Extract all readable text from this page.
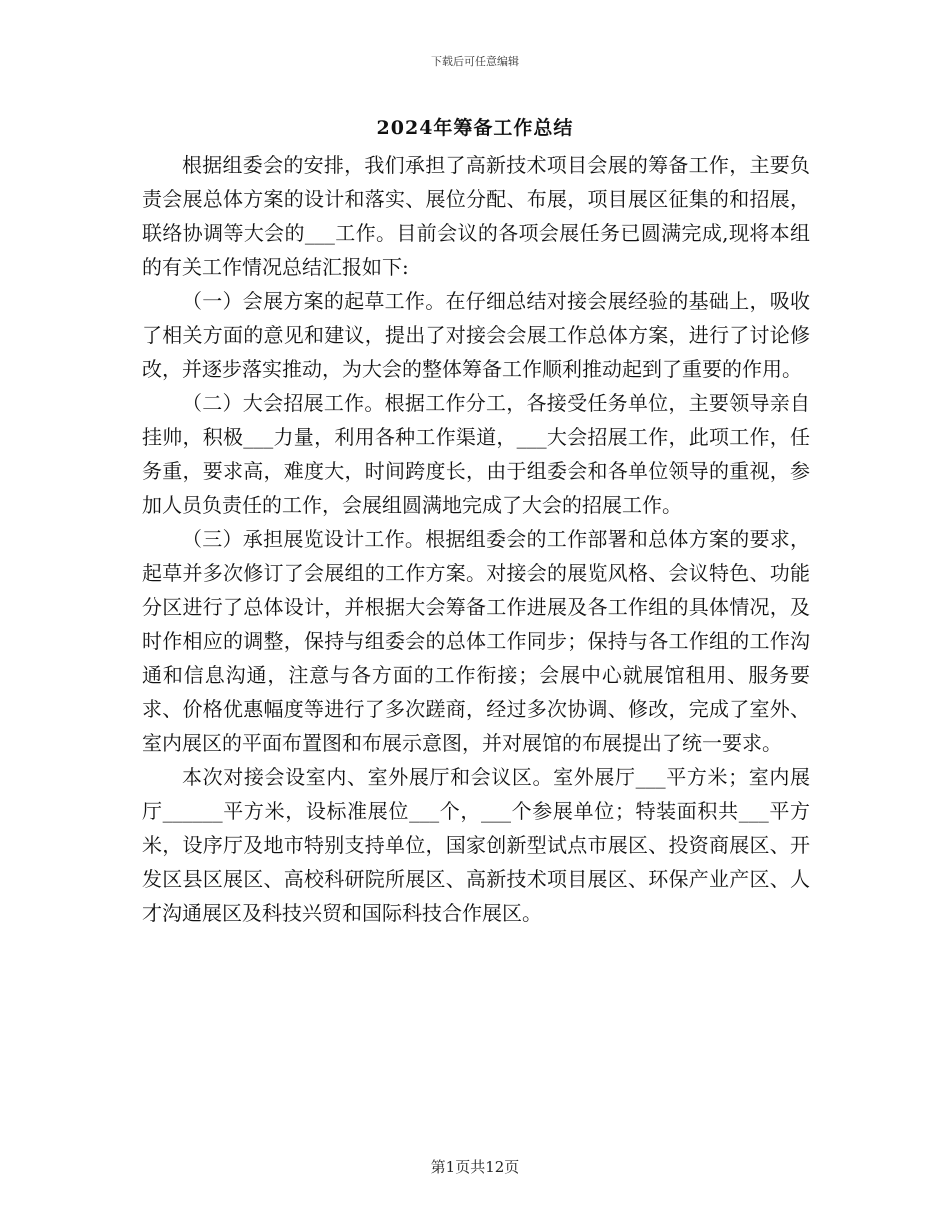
下载后可任意编辑
2024年筹备工作总结

根据组委会的安排，我们承担了高新技术项目会展的筹备工作，主要负责会展总体方案的设计和落实、展位分配、布展，项目展区征集的和招展，联络协调等大会的___工作。目前会议的各项会展任务已圆满完成,现将本组的有关工作情况总结汇报如下:

（一）会展方案的起草工作。在仔细总结对接会展经验的基础上，吸收了相关方面的意见和建议，提出了对接会会展工作总体方案，进行了讨论修改，并逐步落实推动，为大会的整体筹备工作顺利推动起到了重要的作用。

（二）大会招展工作。根据工作分工，各接受任务单位，主要领导亲自挂帅，积极___力量，利用各种工作渠道，___大会招展工作，此项工作，任务重，要求高，难度大，时间跨度长，由于组委会和各单位领导的重视，参加人员负责任的工作，会展组圆满地完成了大会的招展工作。

（三）承担展览设计工作。根据组委会的工作部署和总体方案的要求，起草并多次修订了会展组的工作方案。对接会的展览风格、会议特色、功能分区进行了总体设计，并根据大会筹备工作进展及各工作组的具体情况，及时作相应的调整，保持与组委会的总体工作同步；保持与各工作组的工作沟通和信息沟通，注意与各方面的工作衔接；会展中心就展馆租用、服务要求、价格优惠幅度等进行了多次蹉商，经过多次协调、修改，完成了室外、室内展区的平面布置图和布展示意图，并对展馆的布展提出了统一要求。

本次对接会设室内、室外展厅和会议区。室外展厅___平方米；室内展厅______平方米，设标准展位___个，___个参展单位；特装面积共___平方米，设序厅及地市特别支持单位，国家创新型试点市展区、投资商展区、开发区县区展区、高校科研院所展区、高新技术项目展区、环保产业产区、人才沟通展区及科技兴贸和国际科技合作展区。

第1页共12页
